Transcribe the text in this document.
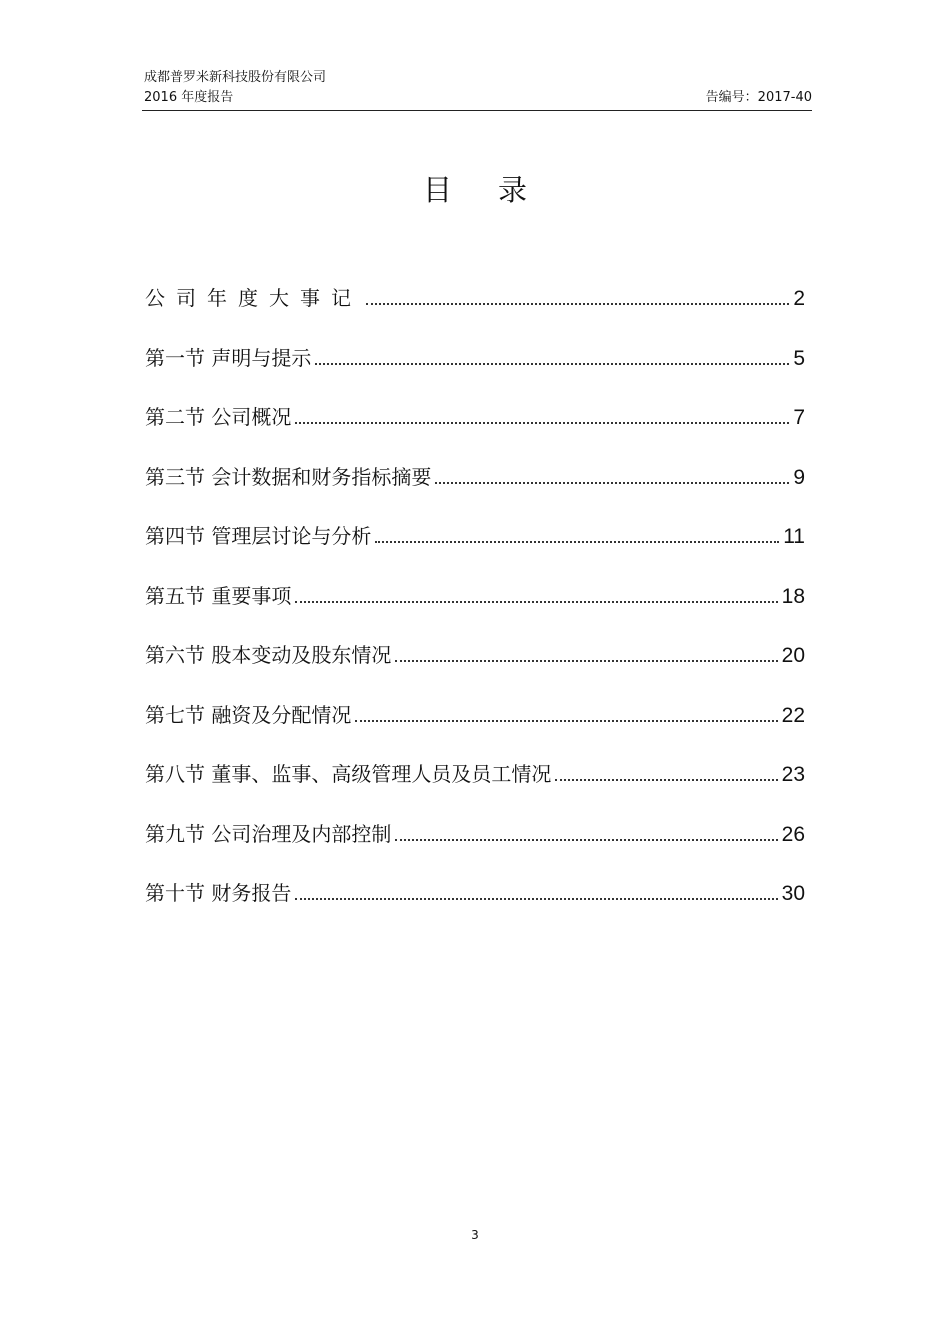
成都普罗米新科技股份有限公司
2016 年度报告	告编号：2017-40
目录
公司年度大事记	2
第一节 声明与提示	5
第二节 公司概况	7
第三节 会计数据和财务指标摘要	9
第四节 管理层讨论与分析	11
第五节 重要事项	18
第六节 股本变动及股东情况	20
第七节 融资及分配情况	22
第八节 董事、监事、高级管理人员及员工情况	23
第九节 公司治理及内部控制	26
第十节 财务报告	30
3
